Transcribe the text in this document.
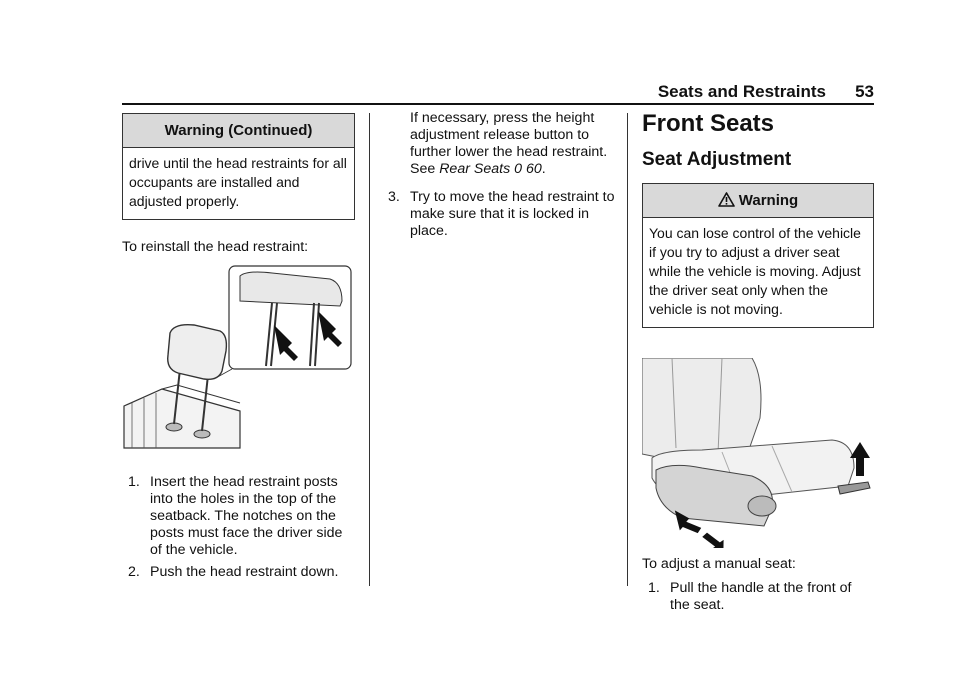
Seats and Restraints 53
Warning (Continued)
drive until the head restraints for all occupants are installed and adjusted properly.

To reinstall the head restraint:

1. Insert the head restraint posts into the holes in the top of the seatback. The notches on the posts must face the driver side of the vehicle.
2. Push the head restraint down.

If necessary, press the height adjustment release button to further lower the head restraint. See Rear Seats 0 60.

3. Try to move the head restraint to make sure that it is locked in place.
Front Seats
Seat Adjustment
Warning
You can lose control of the vehicle if you try to adjust a driver seat while the vehicle is moving. Adjust the driver seat only when the vehicle is not moving.

To adjust a manual seat:

1. Pull the handle at the front of the seat.
